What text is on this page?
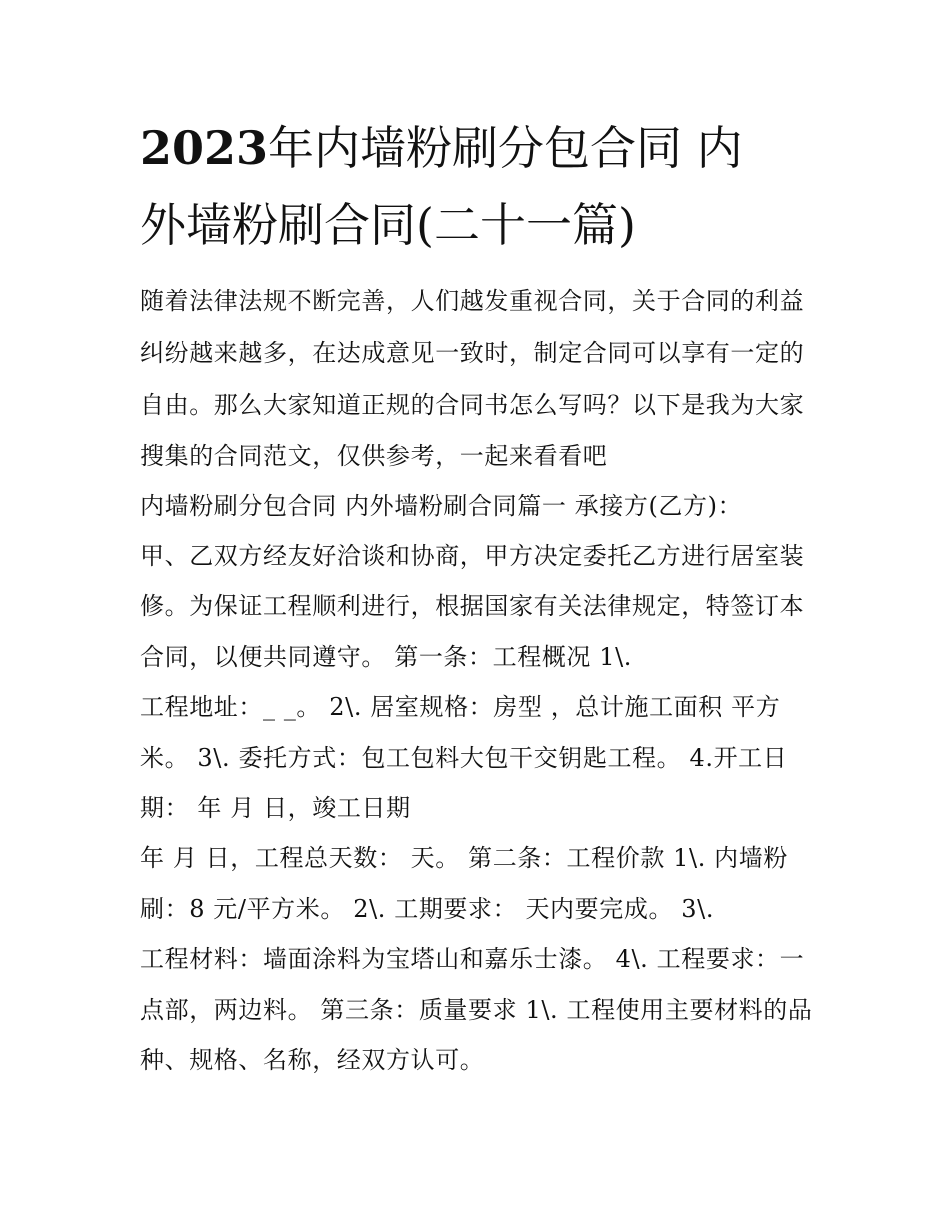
2023年内墙粉刷分包合同 内
外墙粉刷合同(二十一篇)

随着法律法规不断完善，人们越发重视合同，关于合同的利益

纠纷越来越多，在达成意见一致时，制定合同可以享有一定的

自由。那么大家知道正规的合同书怎么写吗？以下是我为大家

搜集的合同范文，仅供参考，一起来看看吧

内墙粉刷分包合同 内外墙粉刷合同篇一 承接方(乙方)：

甲、乙双方经友好洽谈和协商，甲方决定委托乙方进行居室装

修。为保证工程顺利进行，根据国家有关法律规定，特签订本

合同，以便共同遵守。 第一条：工程概况 1\.

工程地址：_ _。 2\. 居室规格：房型 ，总计施工面积 平方

米。 3\. 委托方式：包工包料大包干交钥匙工程。 4.开工日

期： 年 月 日，竣工日期

年 月 日，工程总天数： 天。 第二条：工程价款 1\. 内墙粉

刷：8 元/平方米。 2\. 工期要求： 天内要完成。 3\.

工程材料：墙面涂料为宝塔山和嘉乐士漆。 4\. 工程要求：一

点部，两边料。 第三条：质量要求 1\. 工程使用主要材料的品

种、规格、名称，经双方认可。
